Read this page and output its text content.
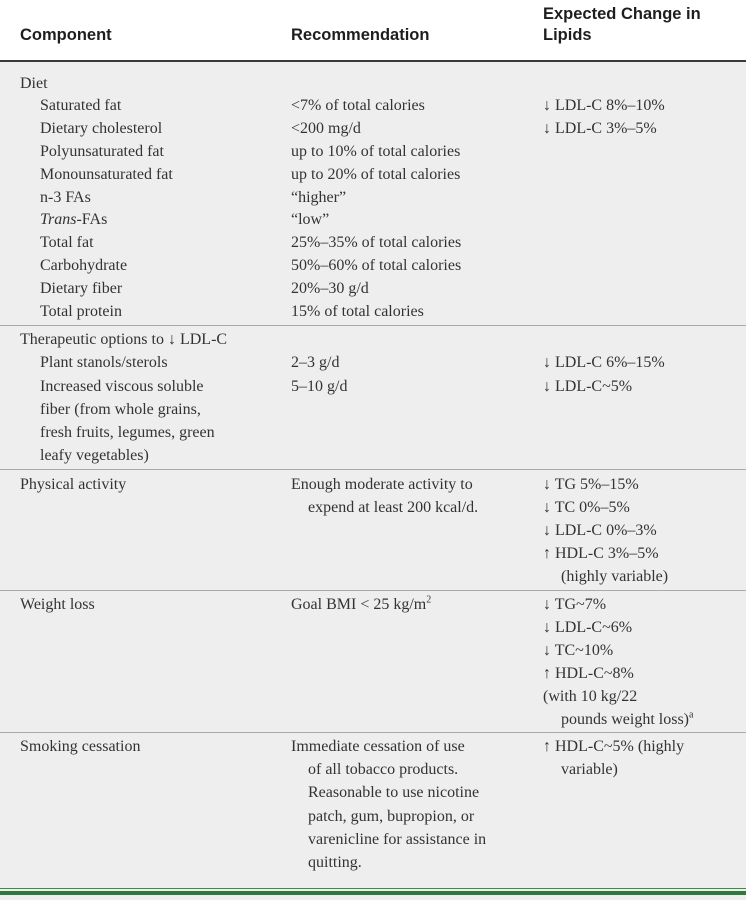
Component	Recommendation
Expected Change in
Lipids
Diet
Saturated fat
Dietary cholesterol
Polyunsaturated fat
Monounsaturated fat
n-3 FAs
Trans-FAs
Total fat
Carbohydrate
Dietary fiber
Total protein
Therapeutic options to ↓ LDL-C
Plant stanols/sterols
Increased viscous soluble
fiber (from whole grains,
fresh fruits, legumes, green
leafy vegetables)
Physical activity
Weight loss
Smoking cessation
<7% of total calories
<200 mg/d
up to 10% of total calories
up to 20% of total calories
“higher”
“low”
25%–35% of total calories
50%–60% of total calories
20%–30 g/d
15% of total calories
2–3 g/d
5–10 g/d
Enough moderate activity to
expend at least 200 kcal/d.
Goal BMI < 25 $kg/m^2$
Immediate cessation of use
of all tobacco products.
Reasonable to use nicotine
patch, gum, bupropion, or
varenicline for assistance in
quitting.
↓ LDL-C 8%–10%
↓ LDL-C 3%–5%
↓ LDL-C 6%–15%
↓ LDL-C~5%
↓ TG 5%–15%
↓ TC 0%–5%
↓ LDL-C 0%–3%
↑ HDL-C 3%–5%
(highly variable)
↓ TG~7%
↓ LDL-C~6%
↓ TC~10%
↑ HDL-C~8%
(with 10 kg/22
pounds weight loss)$^a$
↑ HDL-C~5% (highly
variable)
